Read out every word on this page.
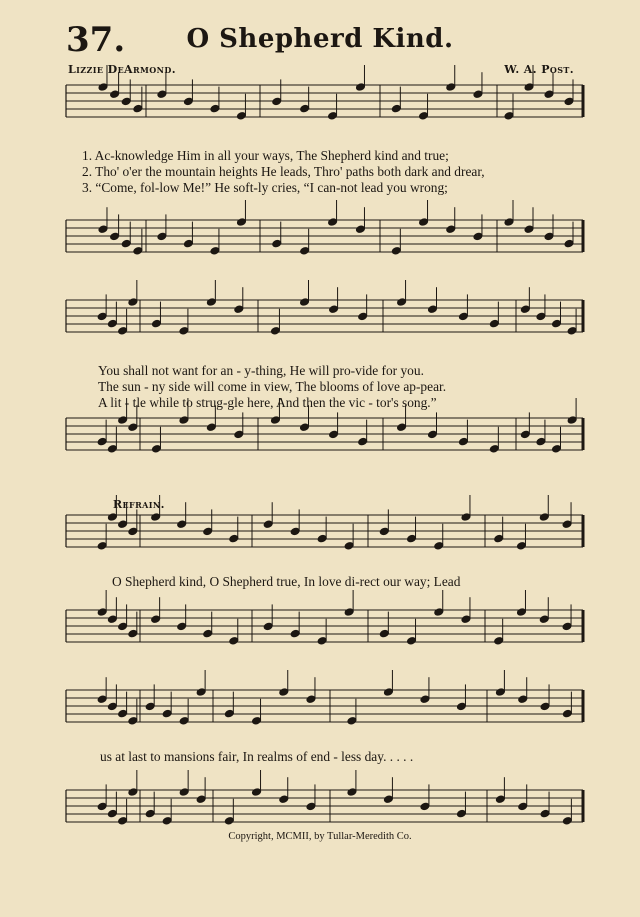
37.	O Shepherd Kind.
Lizzie DeArmond.	W. A. Post.
1. Ac-knowledge Him in all your ways, The Shepherd kind and true;
2. Tho' o'er the mountain heights He leads, Thro' paths both dark and drear,
3. “Come, fol-low Me!” He soft-ly cries, “I can-not lead you wrong;
You shall not want for an - y-thing, He will pro-vide for you.
The sun - ny side will come in view, The blooms of love ap-pear.
A lit - tle while to strug-gle here, And then the vic - tor's song.”
Refrain.
O Shepherd kind, O Shepherd true, In love di-rect our way; Lead
us at last to mansions fair, In realms of end - less day. . . . .
Copyright, MCMII, by Tullar-Meredith Co.
